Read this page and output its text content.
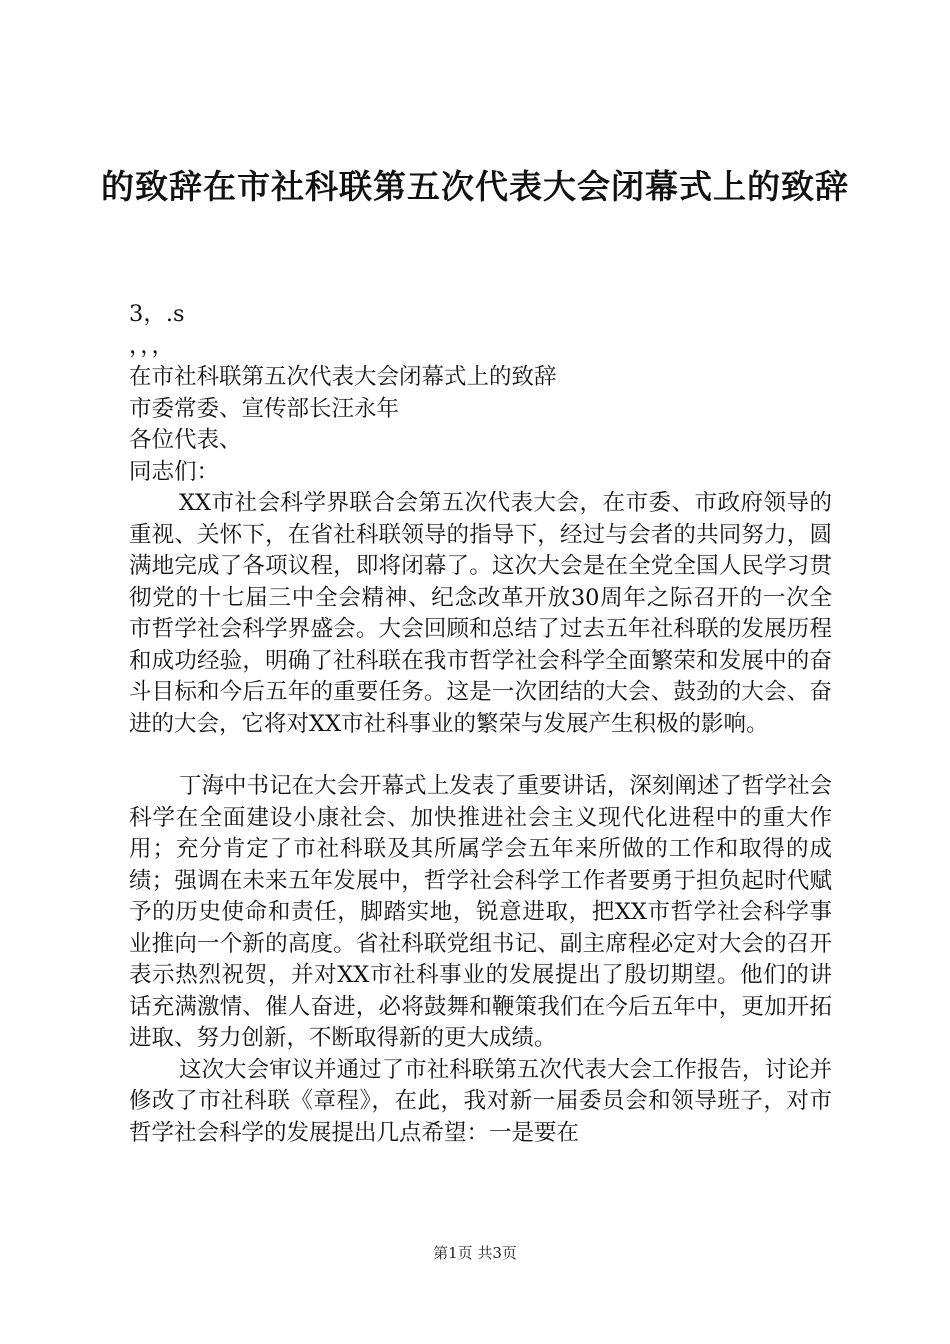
的致辞在市社科联第五次代表大会闭幕式上的致辞

3，.s

，，，

在市社科联第五次代表大会闭幕式上的致辞

市委常委、宣传部长汪永年

各位代表、

同志们：

XX市社会科学界联合会第五次代表大会，在市委、市政府领导的重视、关怀下，在省社科联领导的指导下，经过与会者的共同努力，圆满地完成了各项议程，即将闭幕了。这次大会是在全党全国人民学习贯彻党的十七届三中全会精神、纪念改革开放30周年之际召开的一次全市哲学社会科学界盛会。大会回顾和总结了过去五年社科联的发展历程和成功经验，明确了社科联在我市哲学社会科学全面繁荣和发展中的奋斗目标和今后五年的重要任务。这是一次团结的大会、鼓劲的大会、奋进的大会，它将对XX市社科事业的繁荣与发展产生积极的影响。

丁海中书记在大会开幕式上发表了重要讲话，深刻阐述了哲学社会科学在全面建设小康社会、加快推进社会主义现代化进程中的重大作用；充分肯定了市社科联及其所属学会五年来所做的工作和取得的成绩；强调在未来五年发展中，哲学社会科学工作者要勇于担负起时代赋予的历史使命和责任，脚踏实地，锐意进取，把XX市哲学社会科学事业推向一个新的高度。省社科联党组书记、副主席程必定对大会的召开表示热烈祝贺，并对XX市社科事业的发展提出了殷切期望。他们的讲话充满激情、催人奋进，必将鼓舞和鞭策我们在今后五年中，更加开拓进取、努力创新，不断取得新的更大成绩。

这次大会审议并通过了市社科联第五次代表大会工作报告，讨论并修改了市社科联《章程》，在此，我对新一届委员会和领导班子，对市哲学社会科学的发展提出几点希望：一是要在

第1页 共3页
